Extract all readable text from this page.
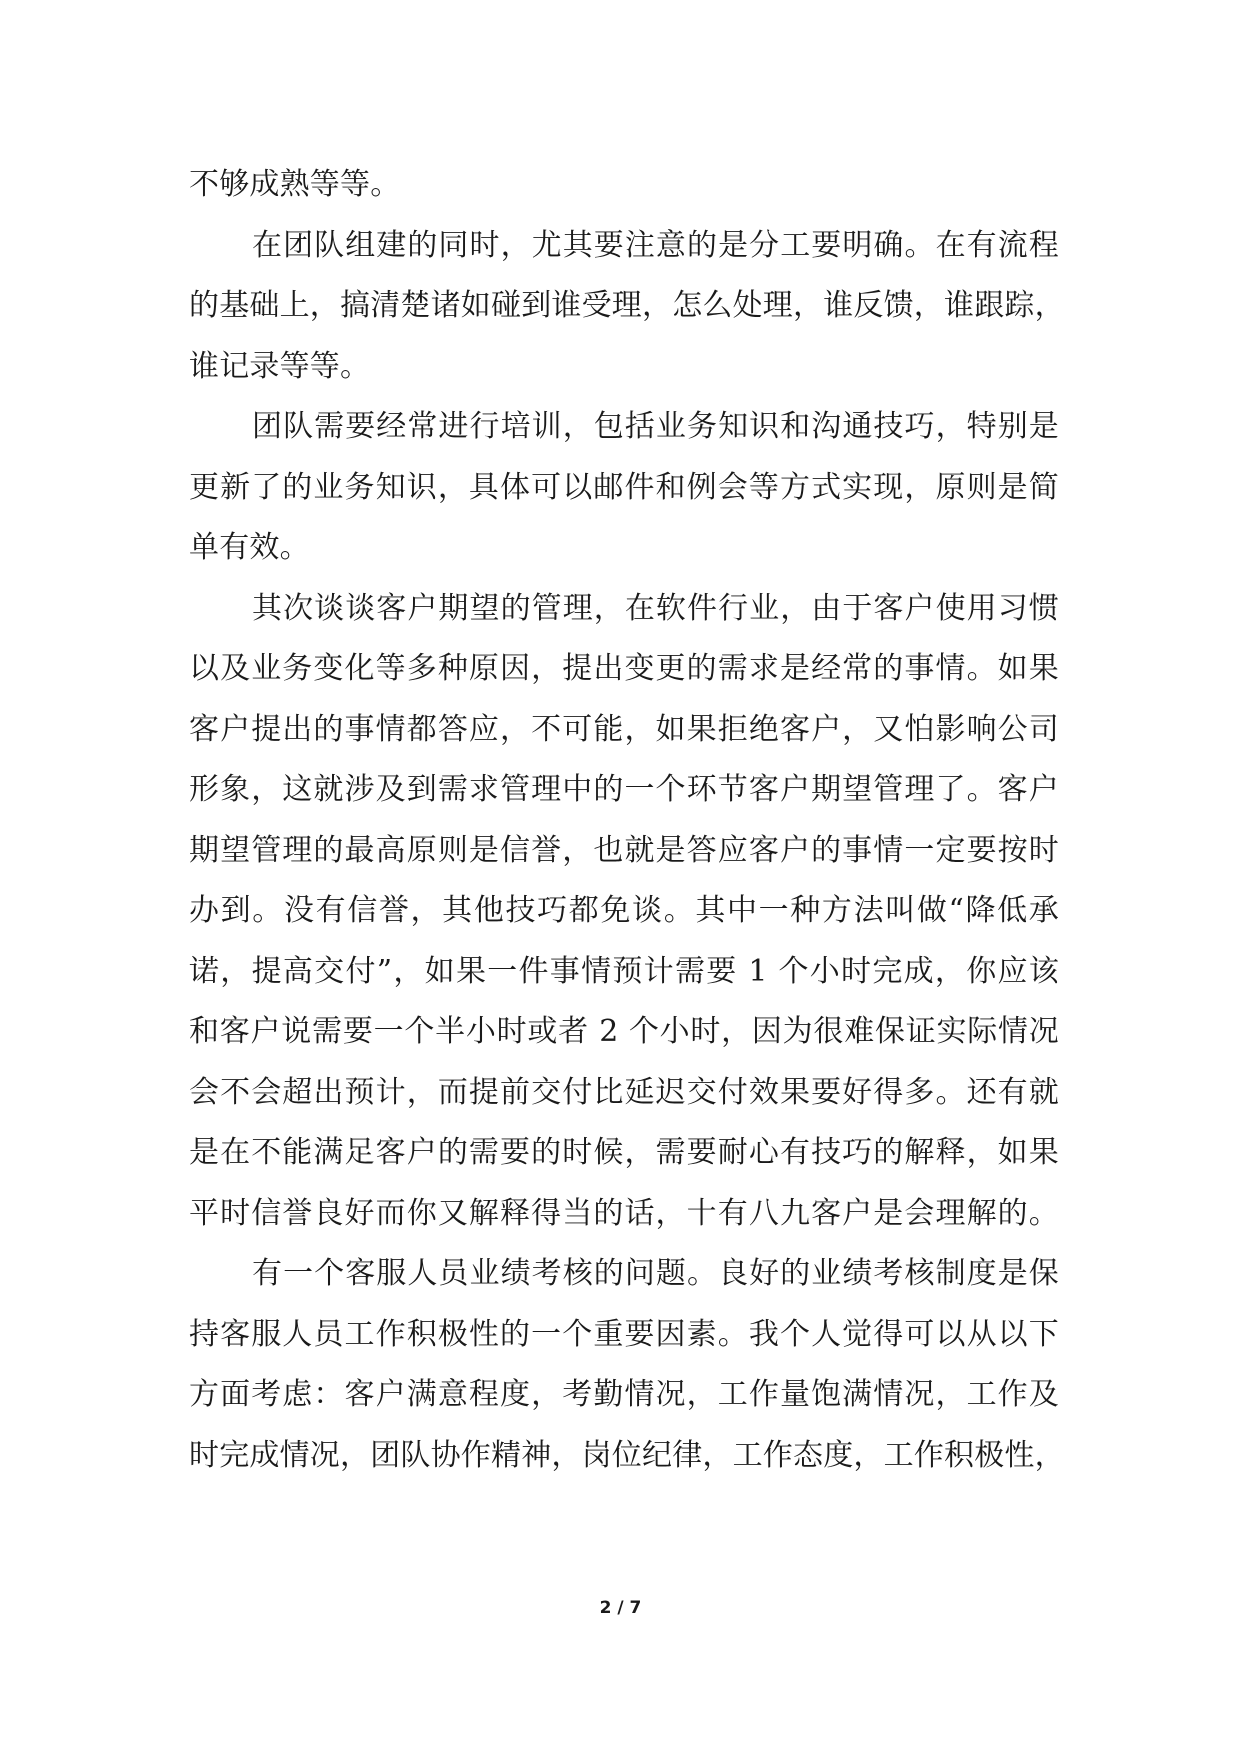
不够成熟等等。
在团队组建的同时，尤其要注意的是分工要明确。在有流程
的基础上，搞清楚诸如碰到谁受理，怎么处理，谁反馈，谁跟踪，
谁记录等等。
团队需要经常进行培训，包括业务知识和沟通技巧，特别是
更新了的业务知识，具体可以邮件和例会等方式实现，原则是简
单有效。
其次谈谈客户期望的管理，在软件行业，由于客户使用习惯
以及业务变化等多种原因，提出变更的需求是经常的事情。如果
客户提出的事情都答应，不可能，如果拒绝客户，又怕影响公司
形象，这就涉及到需求管理中的一个环节客户期望管理了。客户
期望管理的最高原则是信誉，也就是答应客户的事情一定要按时
办到。没有信誉，其他技巧都免谈。其中一种方法叫做“降低承
诺，提高交付”，如果一件事情预计需要 1 个小时完成，你应该
和客户说需要一个半小时或者 2 个小时，因为很难保证实际情况
会不会超出预计，而提前交付比延迟交付效果要好得多。还有就
是在不能满足客户的需要的时候，需要耐心有技巧的解释，如果
平时信誉良好而你又解释得当的话，十有八九客户是会理解的。
有一个客服人员业绩考核的问题。良好的业绩考核制度是保
持客服人员工作积极性的一个重要因素。我个人觉得可以从以下
方面考虑：客户满意程度，考勤情况，工作量饱满情况，工作及
时完成情况，团队协作精神，岗位纪律，工作态度，工作积极性，
2 / 7
